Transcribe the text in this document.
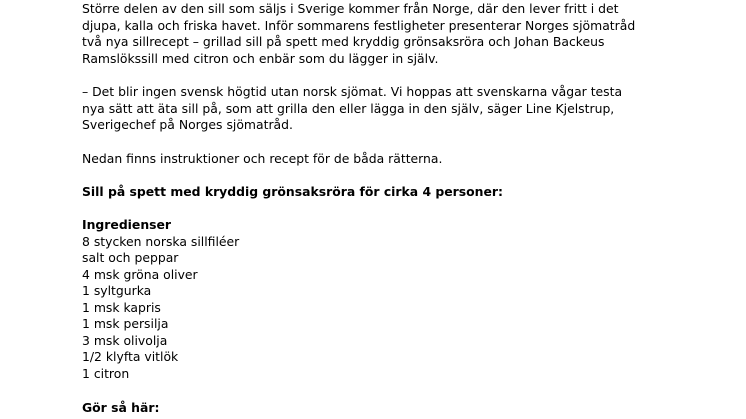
Större delen av den sill som säljs i Sverige kommer från Norge, där den lever fritt i det
djupa, kalla och friska havet. Inför sommarens festligheter presenterar Norges sjömatråd
två nya sillrecept – grillad sill på spett med kryddig grönsaksröra och Johan Backeus
Ramslökssill med citron och enbär som du lägger in själv.

– Det blir ingen svensk högtid utan norsk sjömat. Vi hoppas att svenskarna vågar testa
nya sätt att äta sill på, som att grilla den eller lägga in den själv, säger Line Kjelstrup,
Sverigechef på Norges sjömatråd.

Nedan finns instruktioner och recept för de båda rätterna.

Sill på spett med kryddig grönsaksröra för cirka 4 personer:

Ingredienser
8 stycken norska sillfiléer
salt och peppar
4 msk gröna oliver
1 syltgurka
1 msk kapris
1 msk persilja
3 msk olivolja
1/2 klyfta vitlök
1 citron

Gör så här:
